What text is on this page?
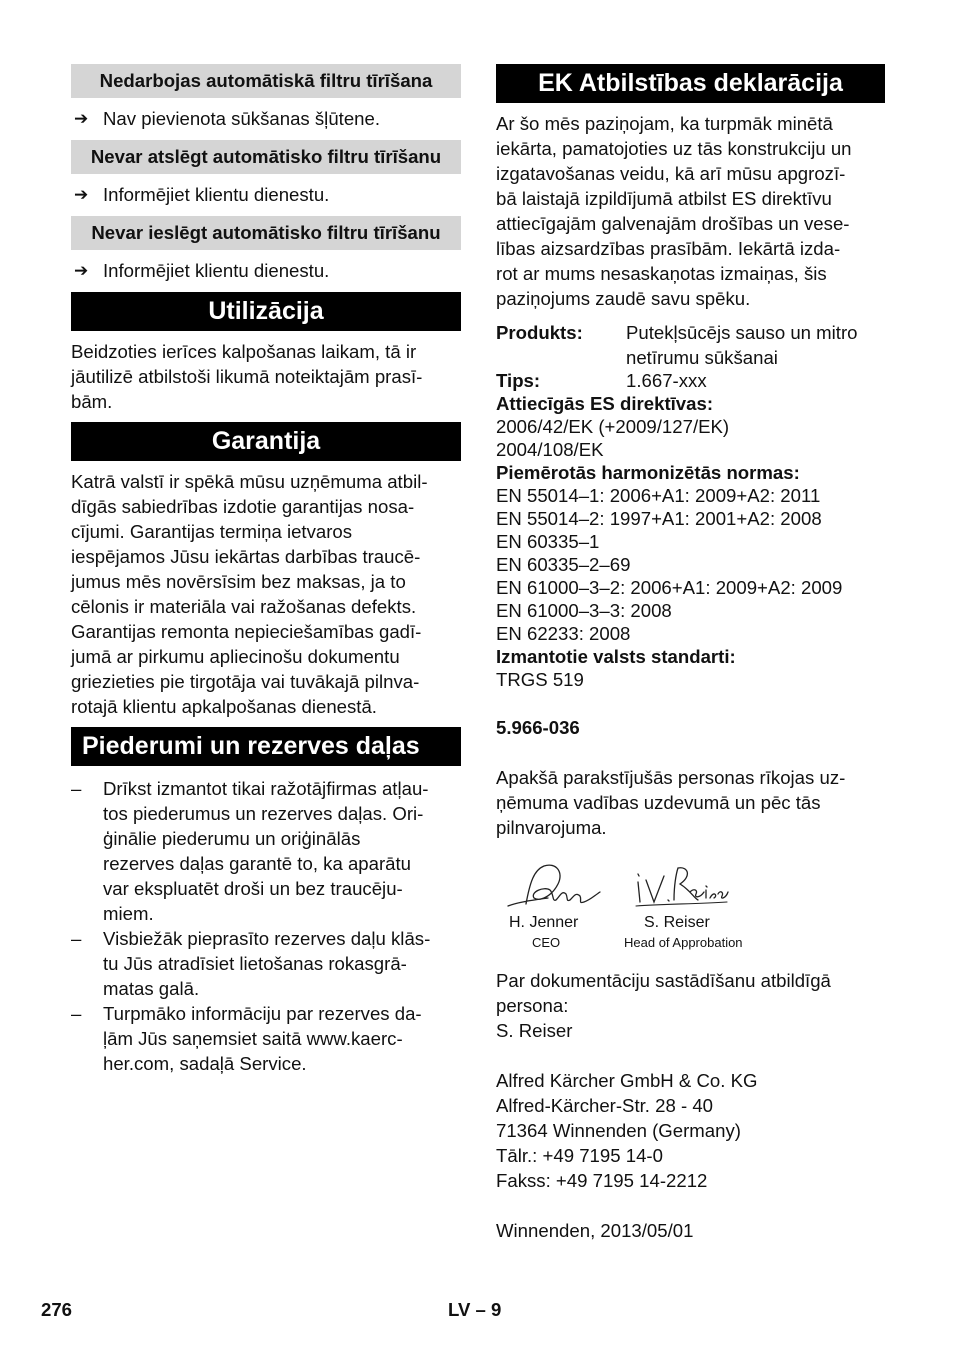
Nedarbojas automātiskā filtru tīrīšana
➔ Nav pievienota sūkšanas šļūtene.
Nevar atslēgt automātisko filtru tīrīšanu
➔ Informējiet klientu dienestu.
Nevar ieslēgt automātisko filtru tīrīšanu
➔ Informējiet klientu dienestu.
Utilizācija

Beidzoties ierīces kalpošanas laikam, tā ir
jāutilizē atbilstoši likumā noteiktajām prasī-
bām.

Garantija

Katrā valstī ir spēkā mūsu uzņēmuma atbil-
dīgās sabiedrības izdotie garantijas nosa-
cījumi. Garantijas termiņa ietvaros
iespējamos Jūsu iekārtas darbības traucē-
jumus mēs novērsīsim bez maksas, ja to
cēlonis ir materiāla vai ražošanas defekts.
Garantijas remonta nepieciešamības gadī-
jumā ar pirkumu apliecinošu dokumentu
griezieties pie tirgotāja vai tuvākajā pilnva-
rotajā klientu apkalpošanas dienestā.

Piederumi un rezerves daļas
– Drīkst izmantot tikai ražotājfirmas atļau-
tos piederumus un rezerves daļas. Ori-
ģinālie piederumu un oriģinālās
rezerves daļas garantē to, ka aparātu
var ekspluatēt droši un bez traucēju-
miem.
– Visbiežāk pieprasīto rezerves daļu klās-
tu Jūs atradīsiet lietošanas rokasgrā-
matas galā.
– Turpmāko informāciju par rezerves da-
ļām Jūs saņemsiet saitā www.kaerc-
her.com, sadaļā Service.
EK Atbilstības deklarācija

Ar šo mēs paziņojam, ka turpmāk minētā
iekārta, pamatojoties uz tās konstrukciju un
izgatavošanas veidu, kā arī mūsu apgrozī-
bā laistajā izpildījumā atbilst ES direktīvu
attiecīgajām galvenajām drošības un vese-
lības aizsardzības prasībām. Iekārtā izda-
rot ar mums nesaskaņotas izmaiņas, šis
paziņojums zaudē savu spēku.

Produkts:	Putekļsūcējs sauso un mitro
netīrumu sūkšanai
Tips:	1.667-xxx
Attiecīgās ES direktīvas:
2006/42/EK (+2009/127/EK)
2004/108/EK
Piemērotās harmonizētās normas:
EN 55014–1: 2006+A1: 2009+A2: 2011
EN 55014–2: 1997+A1: 2001+A2: 2008
EN 60335–1
EN 60335–2–69
EN 61000–3–2: 2006+A1: 2009+A2: 2009
EN 61000–3–3: 2008
EN 62233: 2008
Izmantotie valsts standarti:
TRGS 519
5.966-036

Apakšā parakstījušās personas rīkojas uz-
ņēmuma vadības uzdevumā un pēc tās
pilnvarojuma.

H. Jenner
CEO
S. Reiser
Head of Approbation

Par dokumentāciju sastādīšanu atbildīgā
persona:
S. Reiser

Alfred Kärcher GmbH & Co. KG
Alfred-Kärcher-Str. 28 - 40
71364 Winnenden (Germany)
Tālr.: +49 7195 14-0
Fakss: +49 7195 14-2212

Winnenden, 2013/05/01

276	LV – 9
